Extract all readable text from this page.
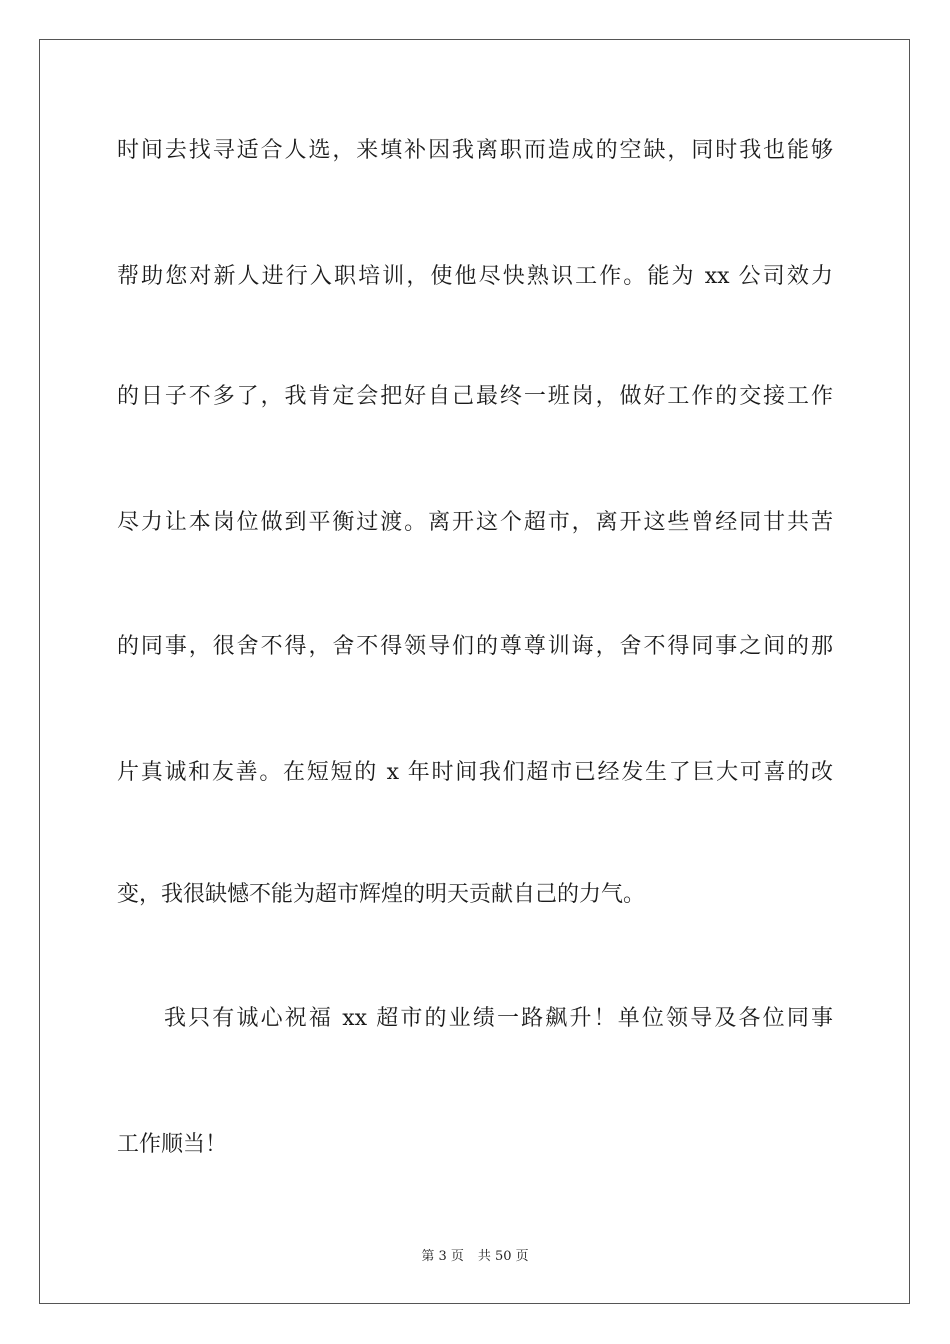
时间去找寻适合人选，来填补因我离职而造成的空缺，同时我也能够
帮助您对新人进行入职培训，使他尽快熟识工作。能为 xx 公司效力
的日子不多了，我肯定会把好自己最终一班岗，做好工作的交接工作
尽力让本岗位做到平衡过渡。离开这个超市，离开这些曾经同甘共苦
的同事，很舍不得，舍不得领导们的尊尊训诲，舍不得同事之间的那
片真诚和友善。在短短的 x 年时间我们超市已经发生了巨大可喜的改
变，我很缺憾不能为超市辉煌的明天贡献自己的力气。
我只有诚心祝福 xx 超市的业绩一路飙升！单位领导及各位同事
工作顺当！
第 3 页 共 50 页
